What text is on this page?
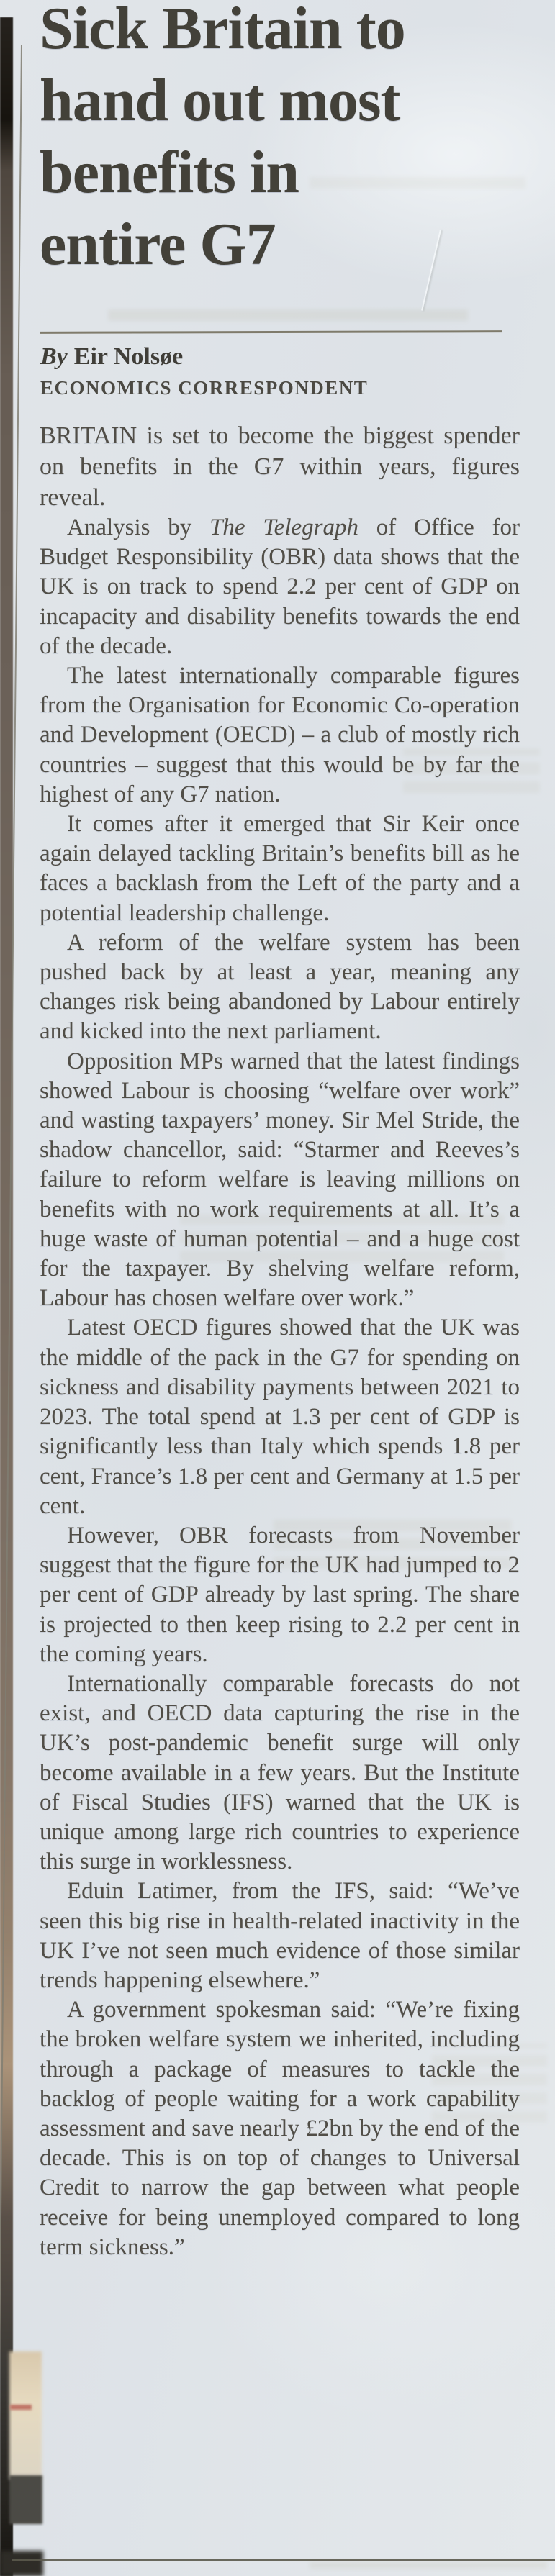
Sick Britain to
hand out most
benefits in
entire G7
By Eir Nolsøe
ECONOMICS CORRESPONDENT

BRITAIN is set to become the biggest spender on benefits in the G7 within years, figures reveal.

Analysis by The Telegraph of Office for Budget Responsibility (OBR) data shows that the UK is on track to spend 2.2 per cent of GDP on incapacity and disability benefits towards the end of the decade.

The latest internationally comparable figures from the Organisation for Economic Co-operation and Development (OECD) – a club of mostly rich countries – suggest that this would be by far the highest of any G7 nation.

It comes after it emerged that Sir Keir once again delayed tackling Britain’s benefits bill as he faces a backlash from the Left of the party and a potential leadership challenge.

A reform of the welfare system has been pushed back by at least a year, meaning any changes risk being abandoned by Labour entirely and kicked into the next parliament.

Opposition MPs warned that the latest findings showed Labour is choosing “welfare over work” and wasting taxpayers’ money. Sir Mel Stride, the shadow chancellor, said: “Starmer and Reeves’s failure to reform welfare is leaving millions on benefits with no work requirements at all. It’s a huge waste of human potential – and a huge cost for the taxpayer. By shelving welfare reform, Labour has chosen welfare over work.”

Latest OECD figures showed that the UK was the middle of the pack in the G7 for spending on sickness and disability payments between 2021 to 2023. The total spend at 1.3 per cent of GDP is significantly less than Italy which spends 1.8 per cent, France’s 1.8 per cent and Germany at 1.5 per cent.

However, OBR forecasts from November suggest that the figure for the UK had jumped to 2 per cent of GDP already by last spring. The share is projected to then keep rising to 2.2 per cent in the coming years.

Internationally comparable forecasts do not exist, and OECD data capturing the rise in the UK’s post-pandemic benefit surge will only become available in a few years. But the Institute of Fiscal Studies (IFS) warned that the UK is unique among large rich countries to experience this surge in worklessness.

Eduin Latimer, from the IFS, said: “We’ve seen this big rise in health-related inactivity in the UK I’ve not seen much evidence of those similar trends happening elsewhere.”

A government spokesman said: “We’re fixing the broken welfare system we inherited, including through a package of measures to tackle the backlog of people waiting for a work capability assessment and save nearly £2bn by the end of the decade. This is on top of changes to Universal Credit to narrow the gap between what people receive for being unemployed compared to long term sickness.”
